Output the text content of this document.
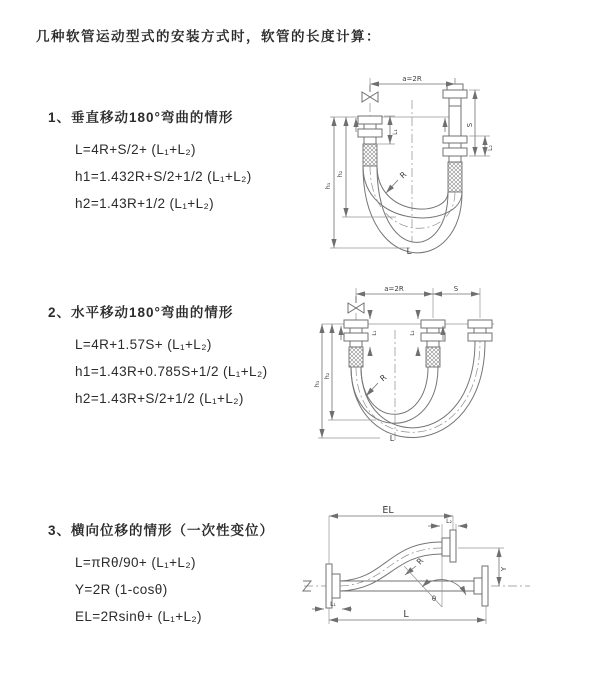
几种软管运动型式的安装方式时，软管的长度计算：
1、垂直移动180°弯曲的情形
L=4R+S/2+ (L₁+L₂)
h1=1.432R+S/2+1/2 (L₁+L₂)
h2=1.43R+1/2 (L₁+L₂)
2、水平移动180°弯曲的情形
L=4R+1.57S+ (L₁+L₂)
h1=1.43R+0.785S+1/2 (L₁+L₂)
h2=1.43R+S/2+1/2 (L₁+L₂)
3、横向位移的情形（一次性变位）
L=πRθ/90+ (L₁+L₂)
Y=2R (1-cosθ)
EL=2Rsinθ+ (L₁+L₂)
a=2R
S
L₂
L₁
h₁
h₂	R
L
a=2R	S
L₁	L₂
h₁
h₂	R
L
EL
L₂
Y
R
θ
L₁
L
